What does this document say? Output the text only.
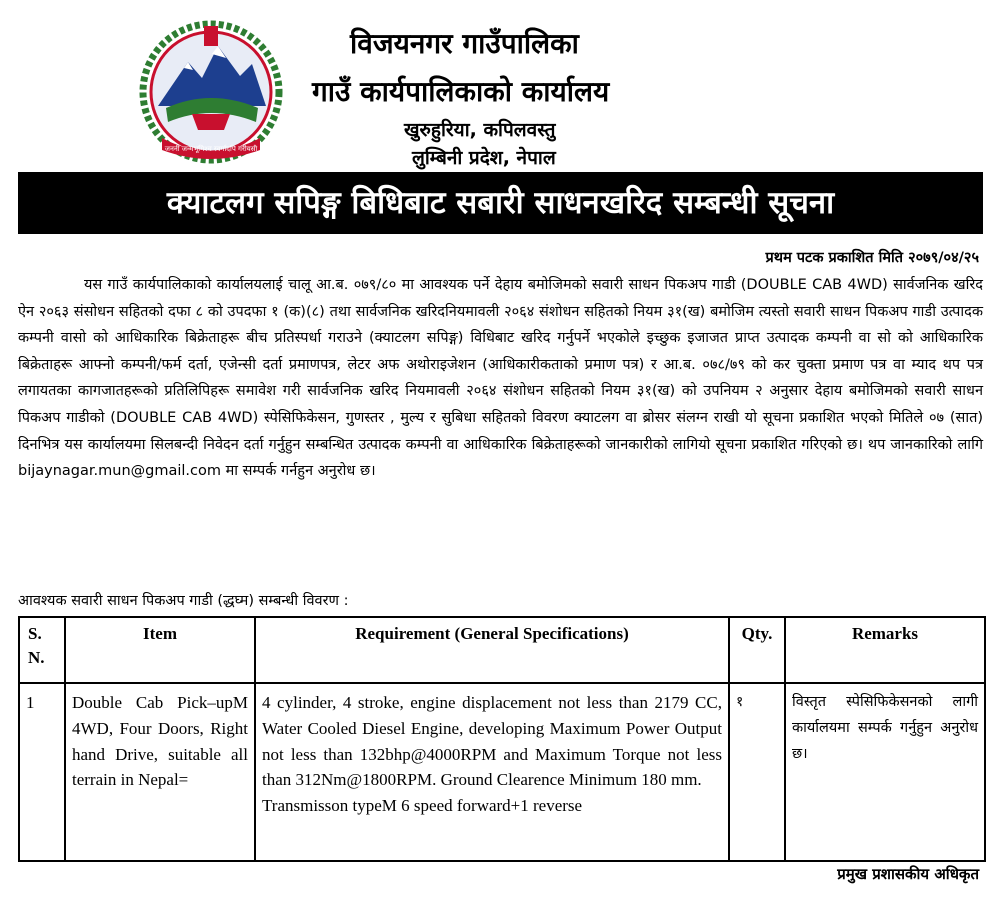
जननी जन्मभूमिश्च स्वर्गादपि गरीयसी
विजयनगर गाउँपालिका
गाउँ कार्यपालिकाको कार्यालय
खुरुहुरिया, कपिलवस्तु
लुम्बिनी प्रदेश, नेपाल
क्याटलग सपिङ्ग बिधिबाट सबारी साधनखरिद सम्बन्धी सूचना
प्रथम पटक प्रकाशित मिति २०७९/०४/२५

यस गाउँ कार्यपालिकाको कार्यालयलाई चालू आ.ब. ०७९/८० मा आवश्यक पर्ने देहाय बमोजिमको सवारी साधन पिकअप गाडी (DOUBLE CAB 4WD) सार्वजनिक खरिद ऐन २०६३ संसोधन सहितको दफा ८ को उपदफा १ (क)(८) तथा सार्वजनिक खरिदनियमावली २०६४ संशोधन सहितको नियम ३१(ख) बमोजिम त्यस्तो सवारी साधन पिकअप गाडी उत्पादक कम्पनी वासो को आधिकारिक बिक्रेताहरू बीच प्रतिस्पर्धा गराउने (क्याटलग सपिङ्ग) विधिबाट खरिद गर्नुपर्ने भएकोले इच्छुक इजाजत प्राप्त उत्पादक कम्पनी वा सो को आधिकारिक बिक्रेताहरू आफ्नो कम्पनी/फर्म दर्ता, एजेन्सी दर्ता प्रमाणपत्र, लेटर अफ अथोराइजेशन (आधिकारीकताको प्रमाण पत्र) र आ.ब. ०७८/७९ को कर चुक्ता प्रमाण पत्र वा म्याद थप पत्र लगायतका कागजातहरूको प्रतिलिपिहरू समावेश गरी सार्वजनिक खरिद नियमावली २०६४ संशोधन सहितको नियम ३१(ख) को उपनियम २ अनुसार देहाय बमोजिमको सवारी साधन पिकअप गाडीको (DOUBLE CAB 4WD) स्पेसिफिकेसन, गुणस्तर , मुल्य र सुबिधा सहितको विवरण क्याटलग वा ब्रोसर संलग्न राखी यो सूचना प्रकाशित भएको मितिले ०७ (सात) दिनभित्र यस कार्यालयमा सिलबन्दी निवेदन दर्ता गर्नुहुन सम्बन्धित उत्पादक कम्पनी वा आधिकारिक बिक्रेताहरूको जानकारीको लागियो सूचना प्रकाशित गरिएको छ। थप जानकारिको लागि bijaynagar.mun@gmail.com मा सम्पर्क गर्नहुन अनुरोध छ।

आवश्यक सवारी साधन पिकअप गाडी (द्धघ्म) सम्बन्धी विवरण :
S. N.	Item	Requirement (General Specifications)	Qty.	Remarks
1	Double Cab Pick–upM 4WD, Four Doors, Right hand Drive, suitable all terrain in Nepal=	4 cylinder, 4 stroke, engine displacement not less than 2179 CC, Water Cooled Diesel Engine, developing Maximum Power Output not less than 132bhp@4000RPM and Maximum Torque not less than 312Nm@1800RPM. Ground Clearence Minimum 180 mm.
Transmisson typeM 6 speed forward+1 reverse	१	विस्तृत स्पेसिफिकेसनको लागी कार्यालयमा सम्पर्क गर्नुहुन अनुरोध छ।
प्रमुख प्रशासकीय अधिकृत
